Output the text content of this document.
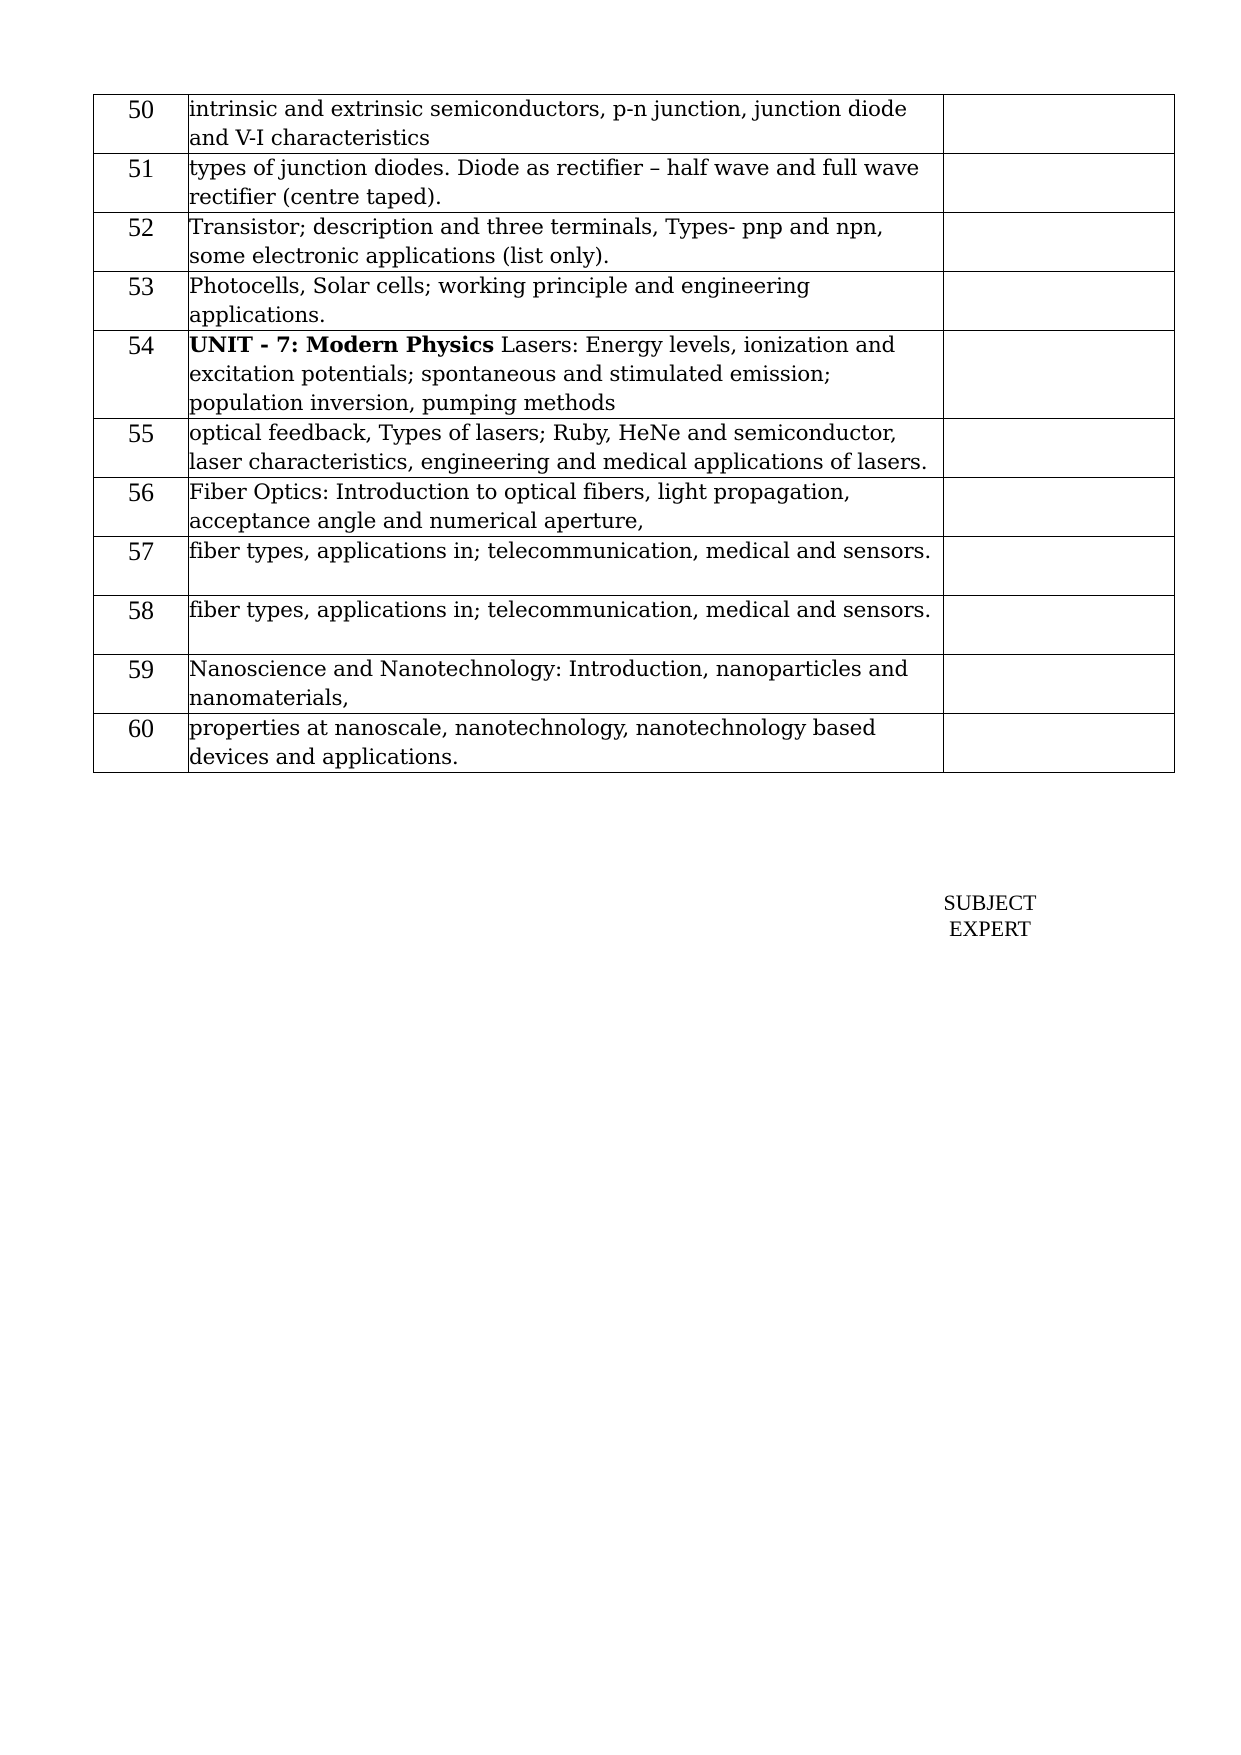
50	intrinsic and extrinsic semiconductors, p-n junction, junction diode and V-I characteristics	
51	types of junction diodes. Diode as rectifier – half wave and full wave rectifier (centre taped).	
52	Transistor; description and three terminals, Types- pnp and npn, some electronic applications (list only).	
53	Photocells, Solar cells; working principle and engineering applications.	
54	UNIT - 7: Modern Physics Lasers: Energy levels, ionization and excitation potentials; spontaneous and stimulated emission; population inversion, pumping methods	
55	optical feedback, Types of lasers; Ruby, HeNe and semiconductor, laser characteristics, engineering and medical applications of lasers.	
56	Fiber Optics: Introduction to optical fibers, light propagation, acceptance angle and numerical aperture,	
57	fiber types, applications in; telecommunication, medical and sensors.	
58	fiber types, applications in; telecommunication, medical and sensors.	
59	Nanoscience and Nanotechnology: Introduction, nanoparticles and nanomaterials,	
60	properties at nanoscale, nanotechnology, nanotechnology based devices and applications.	
SUBJECT
EXPERT
